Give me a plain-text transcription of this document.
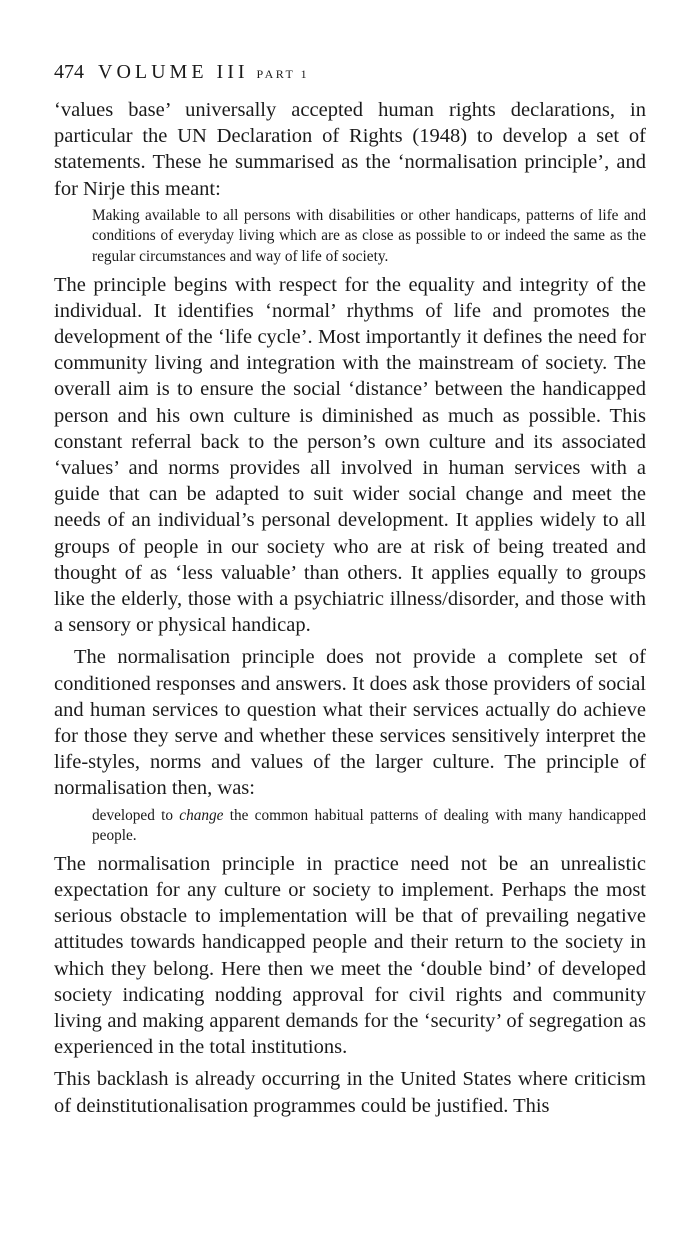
474 VOLUME III PART 1

‘values base’ universally accepted human rights declarations, in particular the UN Declaration of Rights (1948) to develop a set of statements. These he summarised as the ‘normalisation principle’, and for Nirje this meant:

Making available to all persons with disabilities or other handicaps, patterns of life and conditions of everyday living which are as close as possible to or indeed the same as the regular circumstances and way of life of society.

The principle begins with respect for the equality and integrity of the individual. It identifies ‘normal’ rhythms of life and promotes the development of the ‘life cycle’. Most importantly it defines the need for community living and integration with the mainstream of society. The overall aim is to ensure the social ‘distance’ between the handicapped person and his own culture is diminished as much as possible. This constant referral back to the person’s own culture and its associated ‘values’ and norms provides all involved in human services with a guide that can be adapted to suit wider social change and meet the needs of an individual’s personal development. It applies widely to all groups of people in our society who are at risk of being treated and thought of as ‘less valuable’ than others. It applies equally to groups like the elderly, those with a psychiatric illness/disorder, and those with a sensory or physical handicap.

The normalisation principle does not provide a complete set of conditioned responses and answers. It does ask those providers of social and human services to question what their services actually do achieve for those they serve and whether these services sensitively interpret the life-styles, norms and values of the larger culture. The principle of normalisation then, was:

developed to change the common habitual patterns of dealing with many handicapped people.

The normalisation principle in practice need not be an unrealistic expectation for any culture or society to implement. Perhaps the most serious obstacle to implementation will be that of prevailing negative attitudes towards handicapped people and their return to the society in which they belong. Here then we meet the ‘double bind’ of developed society indicating nodding approval for civil rights and community living and making apparent demands for the ‘security’ of segregation as experienced in the total institutions.

This backlash is already occurring in the United States where criticism of deinstitutionalisation programmes could be justified. This
